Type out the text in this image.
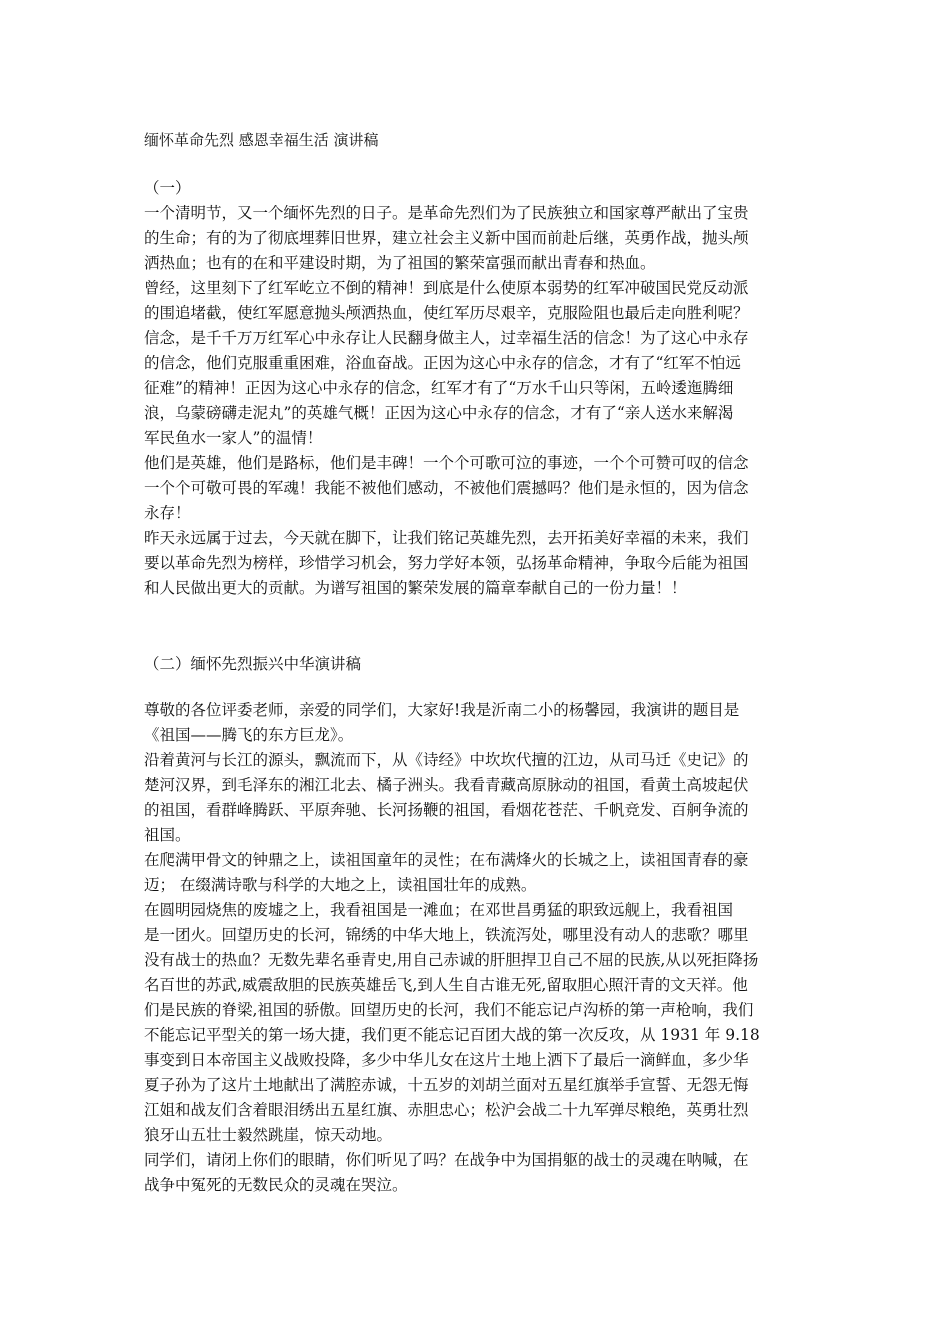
缅怀革命先烈 感恩幸福生活 演讲稿
（一）
一个清明节，又一个缅怀先烈的日子。是革命先烈们为了民族独立和国家尊严献出了宝贵
的生命；有的为了彻底埋葬旧世界，建立社会主义新中国而前赴后继，英勇作战，抛头颅
洒热血；也有的在和平建设时期，为了祖国的繁荣富强而献出青春和热血。
曾经，这里刻下了红军屹立不倒的精神！到底是什么使原本弱势的红军冲破国民党反动派
的围追堵截，使红军愿意抛头颅洒热血，使红军历尽艰辛，克服险阻也最后走向胜利呢？
信念，是千千万万红军心中永存让人民翻身做主人，过幸福生活的信念！为了这心中永存
的信念，他们克服重重困难，浴血奋战。正因为这心中永存的信念，才有了“红军不怕远
征难”的精神！正因为这心中永存的信念，红军才有了“万水千山只等闲，五岭逶迤腾细
浪，乌蒙磅礴走泥丸”的英雄气概！正因为这心中永存的信念，才有了“亲人送水来解渴
军民鱼水一家人”的温情！
他们是英雄，他们是路标，他们是丰碑！一个个可歌可泣的事迹，一个个可赞可叹的信念
一个个可敬可畏的军魂！我能不被他们感动，不被他们震撼吗？他们是永恒的，因为信念
永存！
昨天永远属于过去，今天就在脚下，让我们铭记英雄先烈，去开拓美好幸福的未来，我们
要以革命先烈为榜样，珍惜学习机会，努力学好本领，弘扬革命精神，争取今后能为祖国
和人民做出更大的贡献。为谱写祖国的繁荣发展的篇章奉献自己的一份力量！！
（二）缅怀先烈振兴中华演讲稿
尊敬的各位评委老师，亲爱的同学们，大家好!我是沂南二小的杨馨园，我演讲的题目是
《祖国——腾飞的东方巨龙》。
沿着黄河与长江的源头，飘流而下，从《诗经》中坎坎代擅的江边，从司马迁《史记》的
楚河汉界，到毛泽东的湘江北去、橘子洲头。我看青藏高原脉动的祖国，看黄土高坡起伏
的祖国，看群峰腾跃、平原奔驰、长河扬鞭的祖国，看烟花苍茫、千帆竞发、百舸争流的
祖国。
在爬满甲骨文的钟鼎之上，读祖国童年的灵性；在布满烽火的长城之上，读祖国青春的豪
迈； 在缀满诗歌与科学的大地之上，读祖国壮年的成熟。
在圆明园烧焦的废墟之上，我看祖国是一滩血；在邓世昌勇猛的职致远舰上，我看祖国
是一团火。回望历史的长河，锦绣的中华大地上，铁流泻处，哪里没有动人的悲歌？哪里
没有战士的热血？无数先辈名垂青史,用自己赤诚的肝胆捍卫自己不屈的民族,从以死拒降扬
名百世的苏武,威震敌胆的民族英雄岳飞,到人生自古谁无死,留取胆心照汗青的文天祥。他
们是民族的脊梁,祖国的骄傲。回望历史的长河，我们不能忘记卢沟桥的第一声枪响，我们
不能忘记平型关的第一场大捷，我们更不能忘记百团大战的第一次反攻，从 1931 年 9.18
事变到日本帝国主义战败投降，多少中华儿女在这片土地上洒下了最后一滴鲜血，多少华
夏子孙为了这片土地献出了满腔赤诚，十五岁的刘胡兰面对五星红旗举手宣誓、无怨无悔
江姐和战友们含着眼泪绣出五星红旗、赤胆忠心；松沪会战二十九军弹尽粮绝，英勇壮烈
狼牙山五壮士毅然跳崖，惊天动地。
同学们，请闭上你们的眼睛，你们听见了吗？在战争中为国捐躯的战士的灵魂在呐喊，在
战争中冤死的无数民众的灵魂在哭泣。
